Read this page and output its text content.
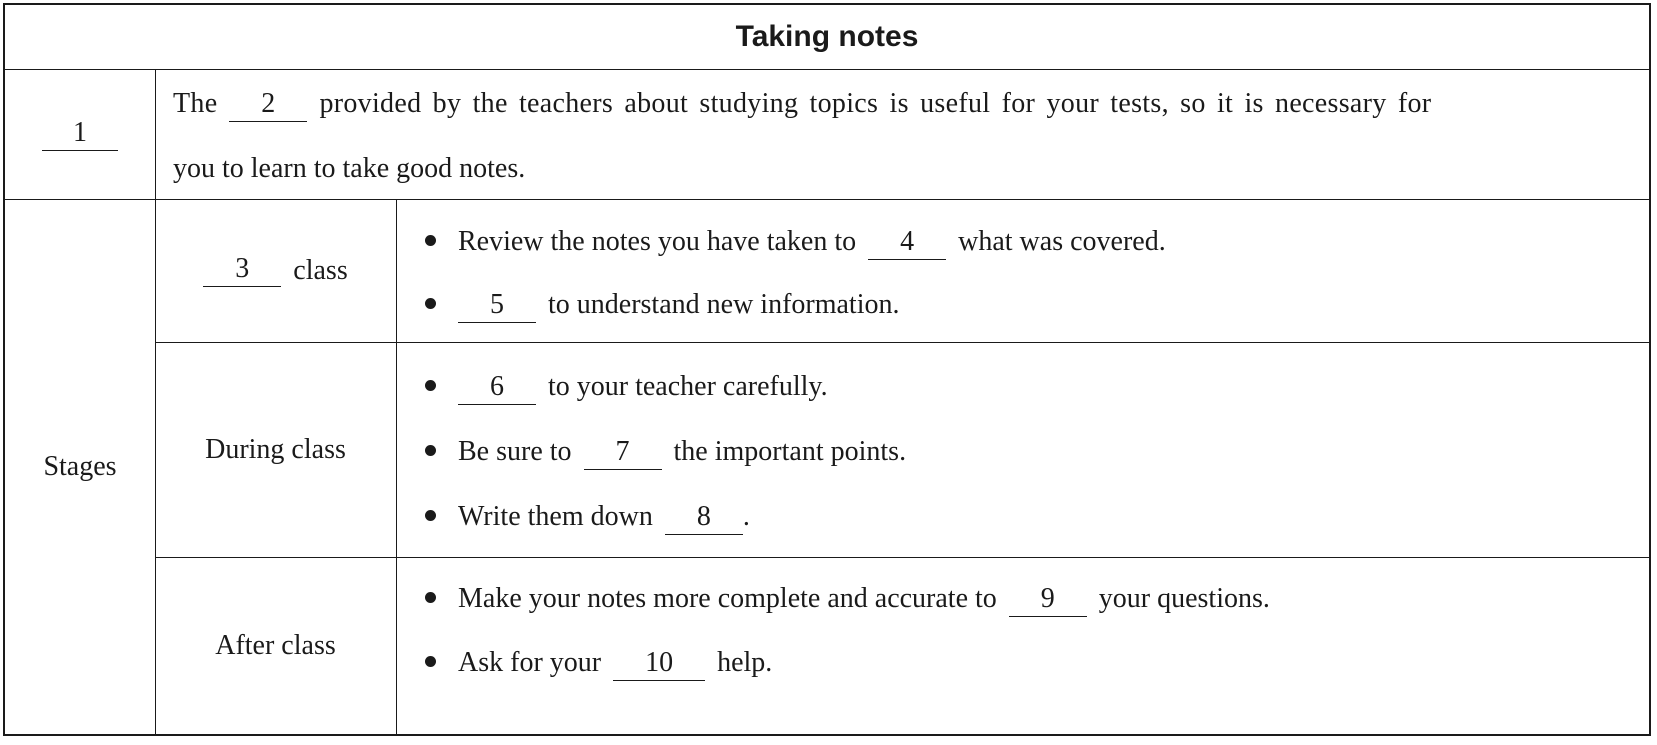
Taking notes
1
The 2 provided by the teachers about studying topics is useful for your tests, so it is necessary for
you to learn to take good notes.
Stages
3	class
Review the notes you have taken to 4 what was covered.
5 to understand new information.
During class
6 to your teacher carefully.
Be sure to 7 the important points.
Write them down 8 .
After class
Make your notes more complete and accurate to 9 your questions.
Ask for your 10 help.
